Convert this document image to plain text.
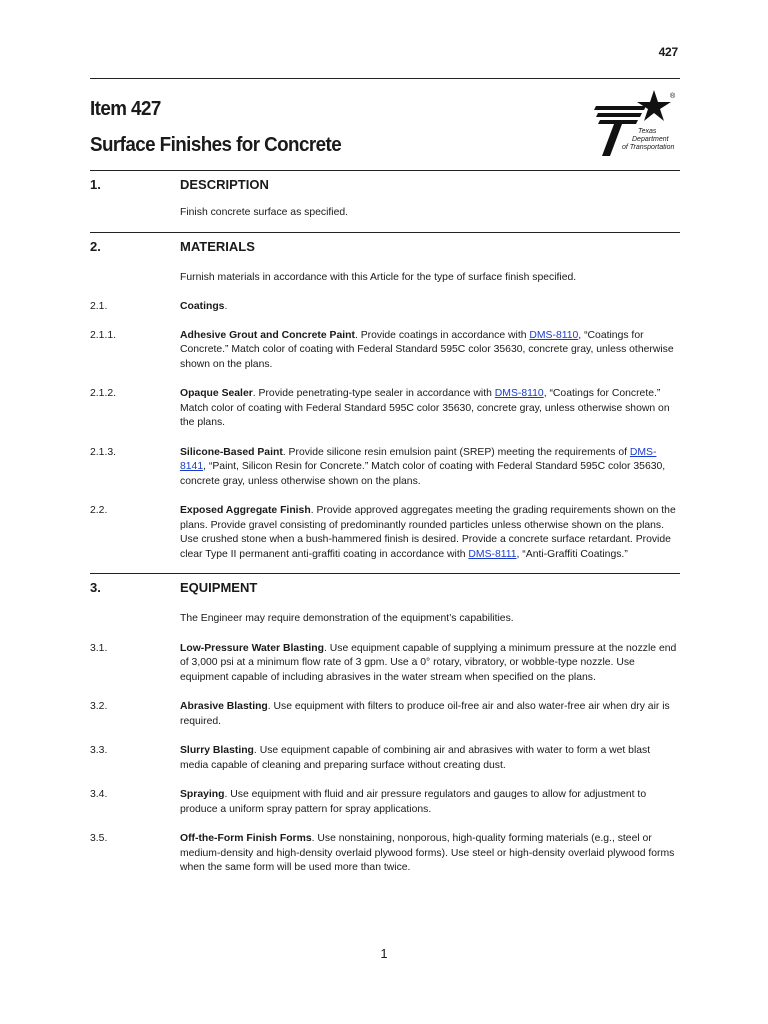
427
Item 427
Surface Finishes for Concrete
®
Texas
Department
of Transportation
1.	DESCRIPTION
Finish concrete surface as specified.
2.	MATERIALS
Furnish materials in accordance with this Article for the type of surface finish specified.
2.1.	Coatings.
2.1.1.	Adhesive Grout and Concrete Paint. Provide coatings in accordance with DMS-8110, “Coatings for Concrete.” Match color of coating with Federal Standard 595C color 35630, concrete gray, unless otherwise shown on the plans.
2.1.2.	Opaque Sealer. Provide penetrating-type sealer in accordance with DMS-8110, “Coatings for Concrete.” Match color of coating with Federal Standard 595C color 35630, concrete gray, unless otherwise shown on the plans.
2.1.3.	Silicone-Based Paint. Provide silicone resin emulsion paint (SREP) meeting the requirements of DMS-8141, “Paint, Silicon Resin for Concrete.” Match color of coating with Federal Standard 595C color 35630, concrete gray, unless otherwise shown on the plans.
2.2.	Exposed Aggregate Finish. Provide approved aggregates meeting the grading requirements shown on the plans. Provide gravel consisting of predominantly rounded particles unless otherwise shown on the plans. Use crushed stone when a bush-hammered finish is desired. Provide a concrete surface retardant. Provide clear Type II permanent anti-graffiti coating in accordance with DMS-8111, “Anti-Graffiti Coatings.”
3.	EQUIPMENT
The Engineer may require demonstration of the equipment’s capabilities.
3.1.	Low-Pressure Water Blasting. Use equipment capable of supplying a minimum pressure at the nozzle end of 3,000 psi at a minimum flow rate of 3 gpm. Use a 0° rotary, vibratory, or wobble-type nozzle. Use equipment capable of including abrasives in the water stream when specified on the plans.
3.2.	Abrasive Blasting. Use equipment with filters to produce oil-free air and also water-free air when dry air is required.
3.3.	Slurry Blasting. Use equipment capable of combining air and abrasives with water to form a wet blast media capable of cleaning and preparing surface without creating dust.
3.4.	Spraying. Use equipment with fluid and air pressure regulators and gauges to allow for adjustment to produce a uniform spray pattern for spray applications.
3.5.	Off-the-Form Finish Forms. Use nonstaining, nonporous, high-quality forming materials (e.g., steel or medium-density and high-density overlaid plywood forms). Use steel or high-density overlaid plywood forms when the same form will be used more than twice.
1
